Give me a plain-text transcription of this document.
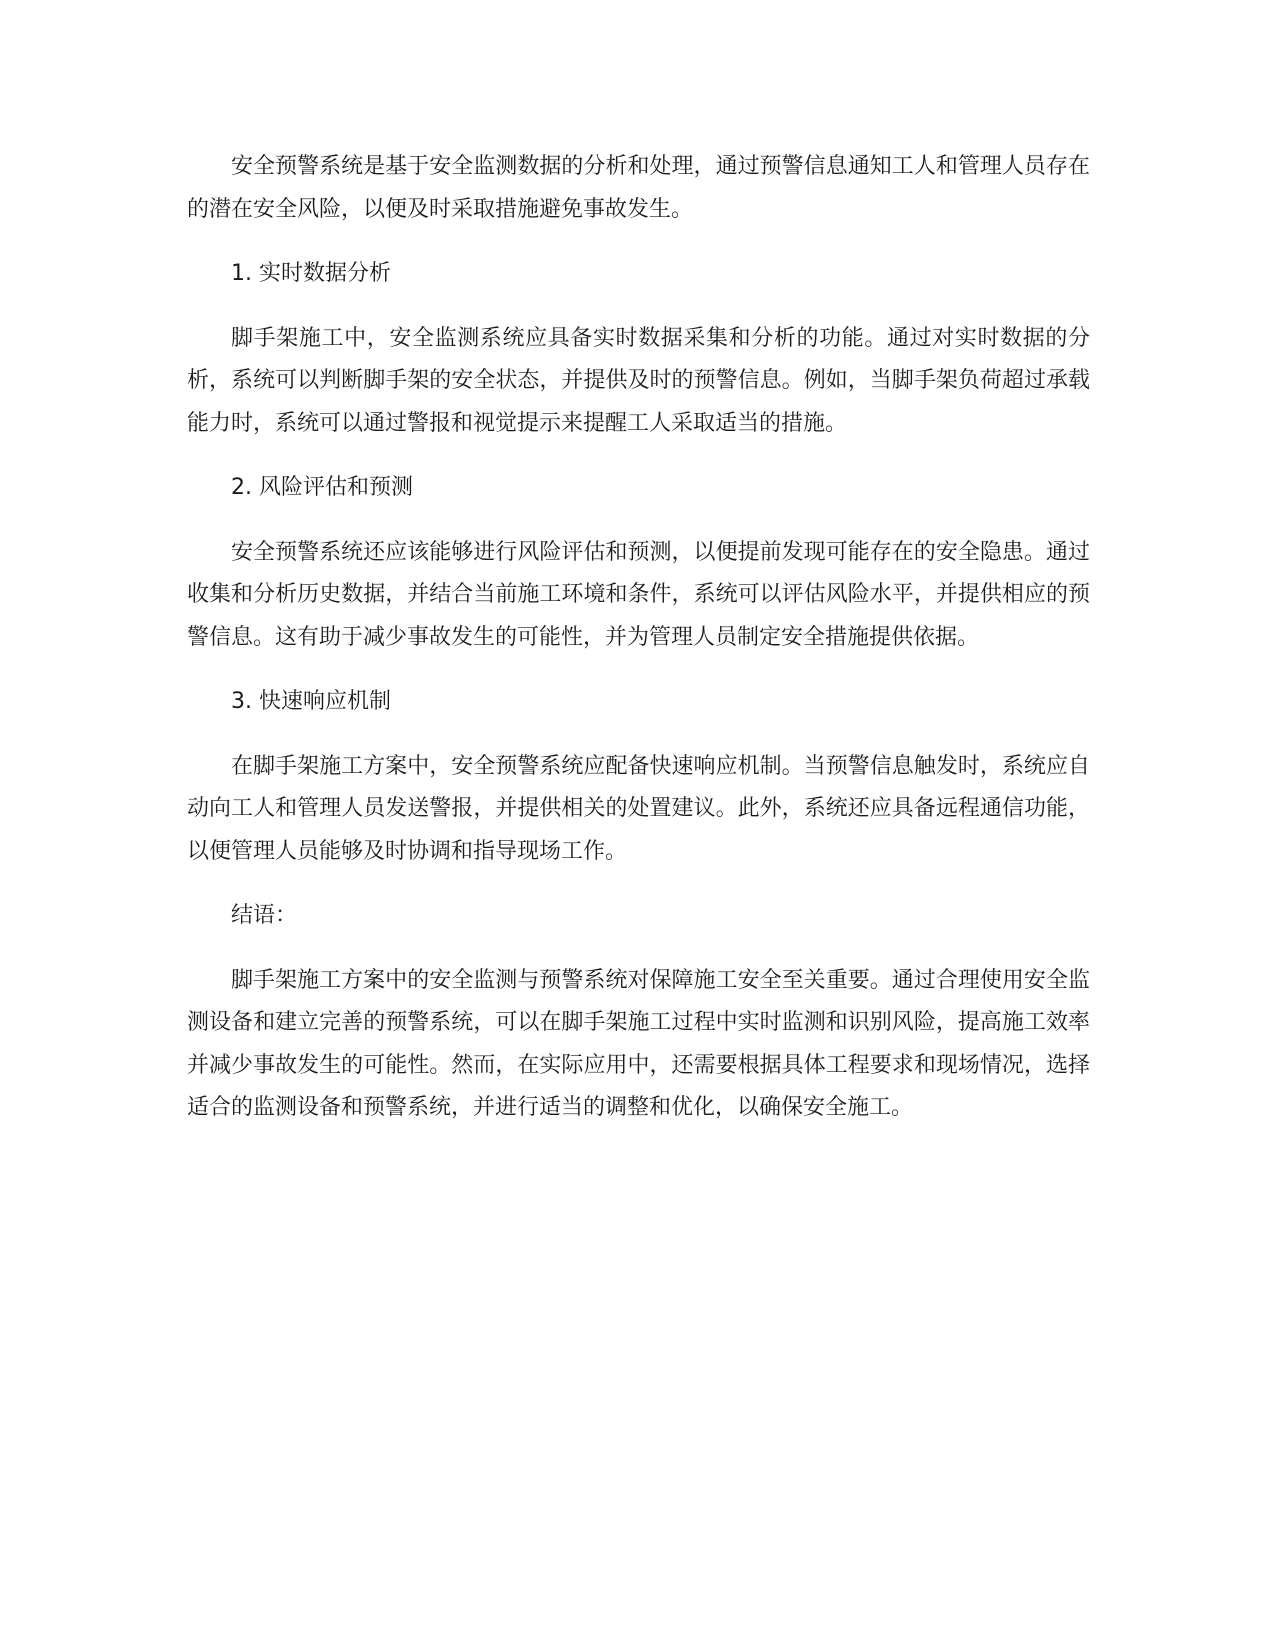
安全预警系统是基于安全监测数据的分析和处理，通过预警信息通知工人和管理人员存在的潜在安全风险，以便及时采取措施避免事故发生。

1. 实时数据分析

脚手架施工中，安全监测系统应具备实时数据采集和分析的功能。通过对实时数据的分析，系统可以判断脚手架的安全状态，并提供及时的预警信息。例如，当脚手架负荷超过承载能力时，系统可以通过警报和视觉提示来提醒工人采取适当的措施。

2. 风险评估和预测

安全预警系统还应该能够进行风险评估和预测，以便提前发现可能存在的安全隐患。通过收集和分析历史数据，并结合当前施工环境和条件，系统可以评估风险水平，并提供相应的预警信息。这有助于减少事故发生的可能性，并为管理人员制定安全措施提供依据。

3. 快速响应机制

在脚手架施工方案中，安全预警系统应配备快速响应机制。当预警信息触发时，系统应自动向工人和管理人员发送警报，并提供相关的处置建议。此外，系统还应具备远程通信功能，以便管理人员能够及时协调和指导现场工作。

结语：

脚手架施工方案中的安全监测与预警系统对保障施工安全至关重要。通过合理使用安全监测设备和建立完善的预警系统，可以在脚手架施工过程中实时监测和识别风险，提高施工效率并减少事故发生的可能性。然而，在实际应用中，还需要根据具体工程要求和现场情况，选择适合的监测设备和预警系统，并进行适当的调整和优化，以确保安全施工。
